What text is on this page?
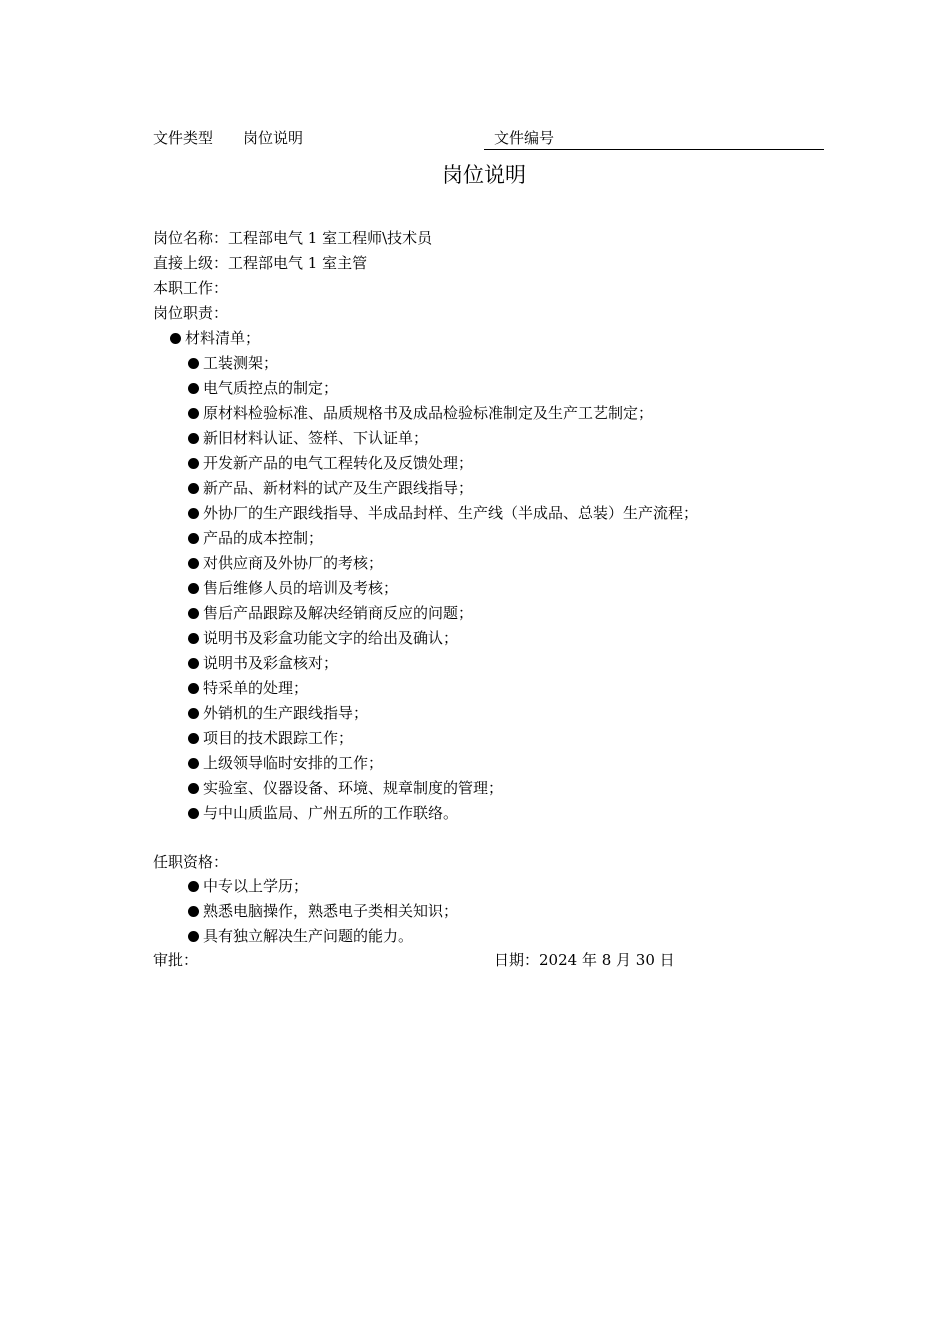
文件类型 岗位说明	文件编号
岗位说明
岗位名称：工程部电气 1 室工程师\技术员
直接上级：工程部电气 1 室主管
本职工作：
岗位职责：
材料清单；
工装测架；
电气质控点的制定；
原材料检验标准、品质规格书及成品检验标准制定及生产工艺制定；
新旧材料认证、签样、下认证单；
开发新产品的电气工程转化及反馈处理；
新产品、新材料的试产及生产跟线指导；
外协厂的生产跟线指导、半成品封样、生产线（半成品、总装）生产流程；
产品的成本控制；
对供应商及外协厂的考核；
售后维修人员的培训及考核；
售后产品跟踪及解决经销商反应的问题；
说明书及彩盒功能文字的给出及确认；
说明书及彩盒核对；
特采单的处理；
外销机的生产跟线指导；
项目的技术跟踪工作；
上级领导临时安排的工作；
实验室、仪器设备、环境、规章制度的管理；
与中山质监局、广州五所的工作联络。
任职资格：
中专以上学历；
熟悉电脑操作，熟悉电子类相关知识；
具有独立解决生产问题的能力。
审批：	日期：2024 年 8 月 30 日
